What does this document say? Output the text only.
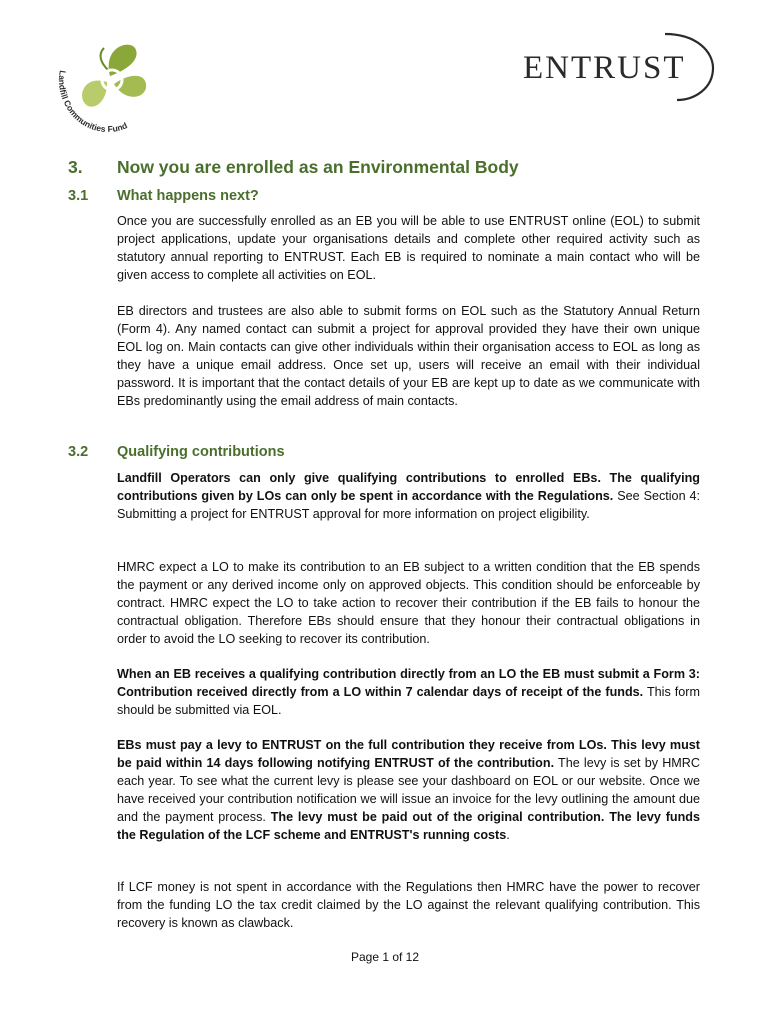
Landfill Communities Fund
ENTRUST
3. Now you are enrolled as an Environmental Body
3.1 What happens next?

Once you are successfully enrolled as an EB you will be able to use ENTRUST online (EOL) to submit project applications, update your organisations details and complete other required activity such as statutory annual reporting to ENTRUST. Each EB is required to nominate a main contact who will be given access to complete all activities on EOL.

EB directors and trustees are also able to submit forms on EOL such as the Statutory Annual Return (Form 4). Any named contact can submit a project for approval provided they have their own unique EOL log on. Main contacts can give other individuals within their organisation access to EOL as long as they have a unique email address. Once set up, users will receive an email with their individual password. It is important that the contact details of your EB are kept up to date as we communicate with EBs predominantly using the email address of main contacts.

3.2 Qualifying contributions

Landfill Operators can only give qualifying contributions to enrolled EBs. The qualifying contributions given by LOs can only be spent in accordance with the Regulations. See Section 4: Submitting a project for ENTRUST approval for more information on project eligibility.

HMRC expect a LO to make its contribution to an EB subject to a written condition that the EB spends the payment or any derived income only on approved objects. This condition should be enforceable by contract. HMRC expect the LO to take action to recover their contribution if the EB fails to honour the contractual obligation. Therefore EBs should ensure that they honour their contractual obligations in order to avoid the LO seeking to recover its contribution.

When an EB receives a qualifying contribution directly from an LO the EB must submit a Form 3: Contribution received directly from a LO within 7 calendar days of receipt of the funds. This form should be submitted via EOL.

EBs must pay a levy to ENTRUST on the full contribution they receive from LOs. This levy must be paid within 14 days following notifying ENTRUST of the contribution. The levy is set by HMRC each year. To see what the current levy is please see your dashboard on EOL or our website. Once we have received your contribution notification we will issue an invoice for the levy outlining the amount due and the payment process. The levy must be paid out of the original contribution. The levy funds the Regulation of the LCF scheme and ENTRUST's running costs.

If LCF money is not spent in accordance with the Regulations then HMRC have the power to recover from the funding LO the tax credit claimed by the LO against the relevant qualifying contribution. This recovery is known as clawback.

Page 1 of 12
